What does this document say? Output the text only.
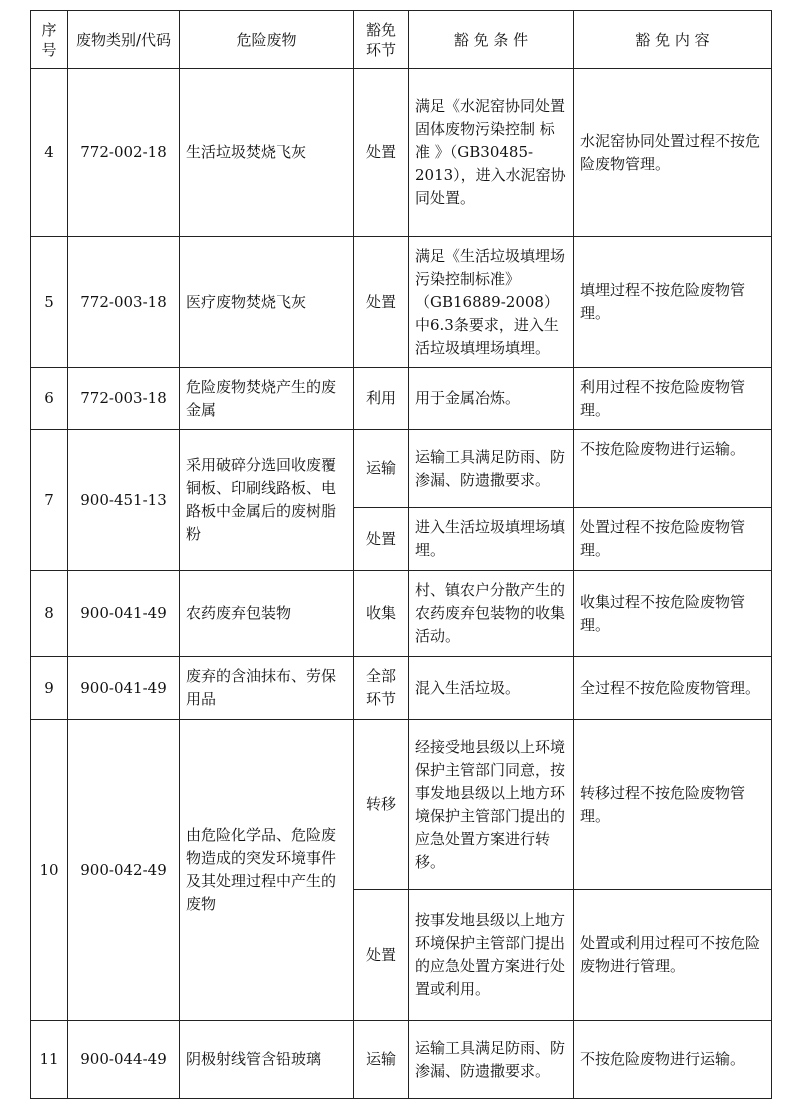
序号	废物类别/代码	危险废物	豁免环节	豁 免 条 件	豁 免 内 容
4	772-002-18	生活垃圾焚烧飞灰	处置	满足《水泥窑协同处置固体废物污染控制 标 准 》（GB30485-2013），进入水泥窑协同处置。	水泥窑协同处置过程不按危险废物管理。
5	772-003-18	医疗废物焚烧飞灰	处置	满足《生活垃圾填埋场污染控制标准》（GB16889-2008）中6.3条要求，进入生活垃圾填埋场填埋。	填埋过程不按危险废物管理。
6	772-003-18	危险废物焚烧产生的废金属	利用	用于金属冶炼。	利用过程不按危险废物管理。
7	900-451-13	采用破碎分选回收废覆铜板、印刷线路板、电路板中金属后的废树脂粉	运输	运输工具满足防雨、防渗漏、防遗撒要求。	不按危险废物进行运输。
			处置	进入生活垃圾填埋场填埋。	处置过程不按危险废物管理。
8	900-041-49	农药废弃包装物	收集	村、镇农户分散产生的农药废弃包装物的收集活动。	收集过程不按危险废物管理。
9	900-041-49	废弃的含油抹布、劳保用品	全部环节	混入生活垃圾。	全过程不按危险废物管理。
10	900-042-49	由危险化学品、危险废物造成的突发环境事件及其处理过程中产生的废物	转移	经接受地县级以上环境保护主管部门同意，按事发地县级以上地方环境保护主管部门提出的应急处置方案进行转移。	转移过程不按危险废物管理。
			处置	按事发地县级以上地方环境保护主管部门提出的应急处置方案进行处置或利用。	处置或利用过程可不按危险废物进行管理。
11	900-044-49	阴极射线管含铅玻璃	运输	运输工具满足防雨、防渗漏、防遗撒要求。	不按危险废物进行运输。
